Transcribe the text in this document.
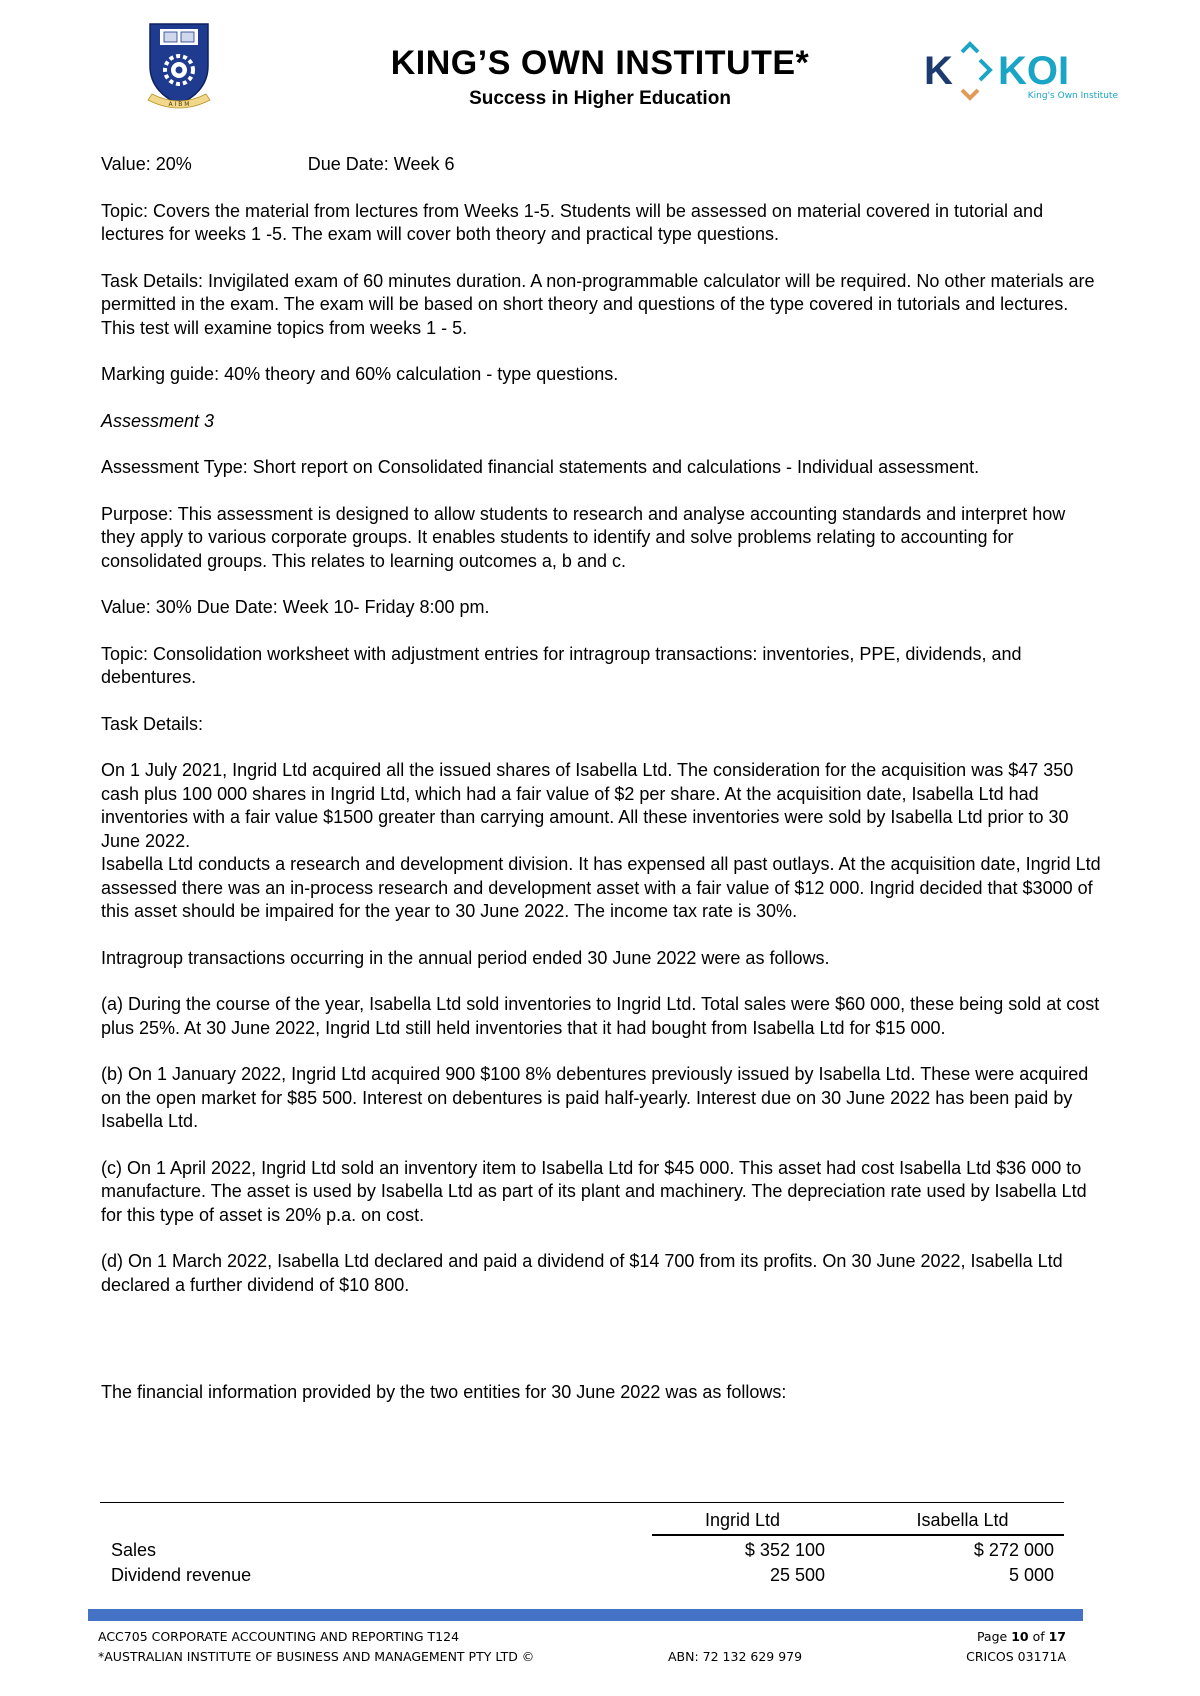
A I B M
KING’S OWN INSTITUTE*
Success in Higher Education
K KOI
King's Own Institute

Value: 20%	Due Date: Week 6

Topic: Covers the material from lectures from Weeks 1-5. Students will be assessed on material covered in tutorial and lectures for weeks 1 -5. The exam will cover both theory and practical type questions.

Task Details: Invigilated exam of 60 minutes duration. A non-programmable calculator will be required. No other materials are permitted in the exam. The exam will be based on short theory and questions of the type covered in tutorials and lectures. This test will examine topics from weeks 1 - 5.

Marking guide: 40% theory and 60% calculation - type questions.

Assessment 3

Assessment Type: Short report on Consolidated financial statements and calculations - Individual assessment.

Purpose: This assessment is designed to allow students to research and analyse accounting standards and interpret how they apply to various corporate groups. It enables students to identify and solve problems relating to accounting for consolidated groups. This relates to learning outcomes a, b and c.

Value: 30% Due Date: Week 10- Friday 8:00 pm.

Topic: Consolidation worksheet with adjustment entries for intragroup transactions: inventories, PPE, dividends, and debentures.

Task Details:

On 1 July 2021, Ingrid Ltd acquired all the issued shares of Isabella Ltd. The consideration for the acquisition was $47 350 cash plus 100 000 shares in Ingrid Ltd, which had a fair value of $2 per share. At the acquisition date, Isabella Ltd had inventories with a fair value $1500 greater than carrying amount. All these inventories were sold by Isabella Ltd prior to 30 June 2022.

Isabella Ltd conducts a research and development division. It has expensed all past outlays. At the acquisition date, Ingrid Ltd assessed there was an in-process research and development asset with a fair value of $12 000. Ingrid decided that $3000 of this asset should be impaired for the year to 30 June 2022. The income tax rate is 30%.

Intragroup transactions occurring in the annual period ended 30 June 2022 were as follows.

(a) During the course of the year, Isabella Ltd sold inventories to Ingrid Ltd. Total sales were $60 000, these being sold at cost plus 25%. At 30 June 2022, Ingrid Ltd still held inventories that it had bought from Isabella Ltd for $15 000.

(b) On 1 January 2022, Ingrid Ltd acquired 900 $100 8% debentures previously issued by Isabella Ltd. These were acquired on the open market for $85 500. Interest on debentures is paid half-yearly. Interest due on 30 June 2022 has been paid by Isabella Ltd.

(c) On 1 April 2022, Ingrid Ltd sold an inventory item to Isabella Ltd for $45 000. This asset had cost Isabella Ltd $36 000 to manufacture. The asset is used by Isabella Ltd as part of its plant and machinery. The depreciation rate used by Isabella Ltd for this type of asset is 20% p.a. on cost.

(d) On 1 March 2022, Isabella Ltd declared and paid a dividend of $14 700 from its profits. On 30 June 2022, Isabella Ltd declared a further dividend of $10 800.

The financial information provided by the two entities for 30 June 2022 was as follows:

Ingrid Ltd	Isabella Ltd
Sales	$ 352 100	$ 272 000
Dividend revenue	25 500	5 000
ACC705 CORPORATE ACCOUNTING AND REPORTING T124	Page 10 of 17
*AUSTRALIAN INSTITUTE OF BUSINESS AND MANAGEMENT PTY LTD ©	ABN: 72 132 629 979	CRICOS 03171A
